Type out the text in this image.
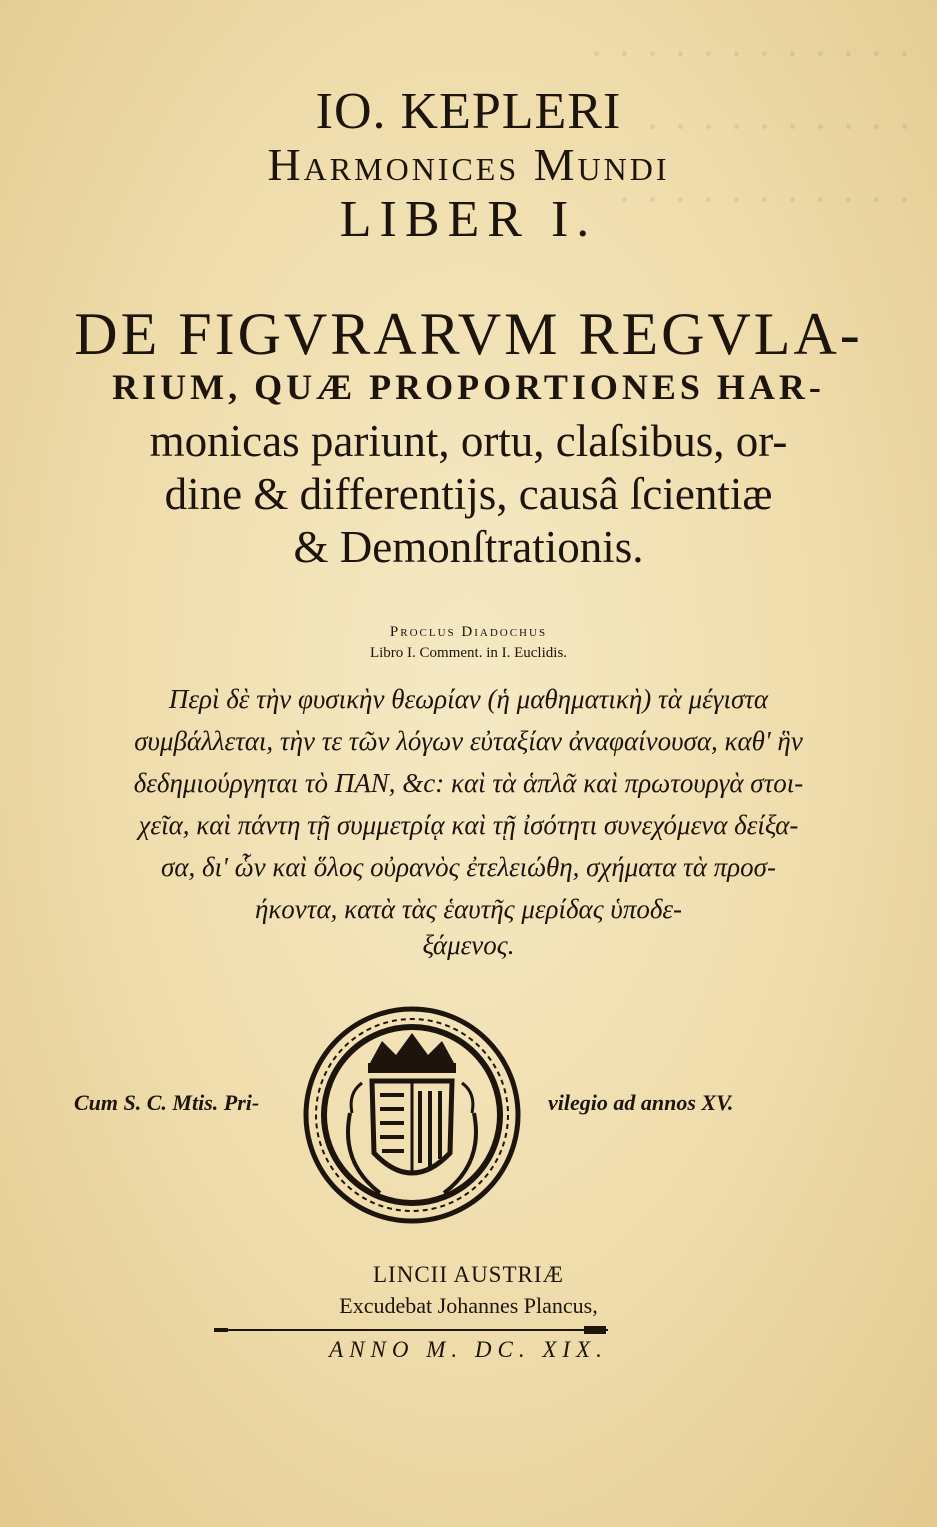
· · · · · · · · · · · ·
· · · · · · · · · ·
· · · · · · · · · · ·
IO. KEPLERI
Harmonices Mundi
LIBER I.
DE FIGVRARVM REGVLA-
RIUM, QUÆ PROPORTIONES HAR-
monicas pariunt, ortu, claſsibus, or-
dine & differentijs, causâ ſcientiæ
& Demonſtrationis.
Proclus Diadochus
Libro I. Comment. in I. Euclidis.
Περὶ δὲ τὴν φυσικὴν θεωρίαν (ἡ μαθηματικὴ) τὰ μέγιστα
συμβάλλεται, τὴν τε τῶν λόγων εὐταξίαν ἀναφαίνουσα, καθ' ἣν
δεδημιούργηται τὸ ΠΑΝ, &c: καὶ τὰ ἁπλᾶ καὶ πρωτουργὰ στοι-
χεῖα, καὶ πάντη τῇ συμμετρίᾳ καὶ τῇ ἰσότητι συνεχόμενα δείξα-
σα, δι' ὧν καὶ ὅλος οὐρανὸς ἐτελειώθη, σχήματα τὰ προσ-
ήκοντα, κατὰ τὰς ἑαυτῆς μερίδας ὑποδε-
ξάμενος.
Cum S. C. Mtis. Pri-	vilegio ad annos XV.
LINCII AUSTRIÆ
Excudebat Johannes Plancus,
ANNO M. DC. XIX.
